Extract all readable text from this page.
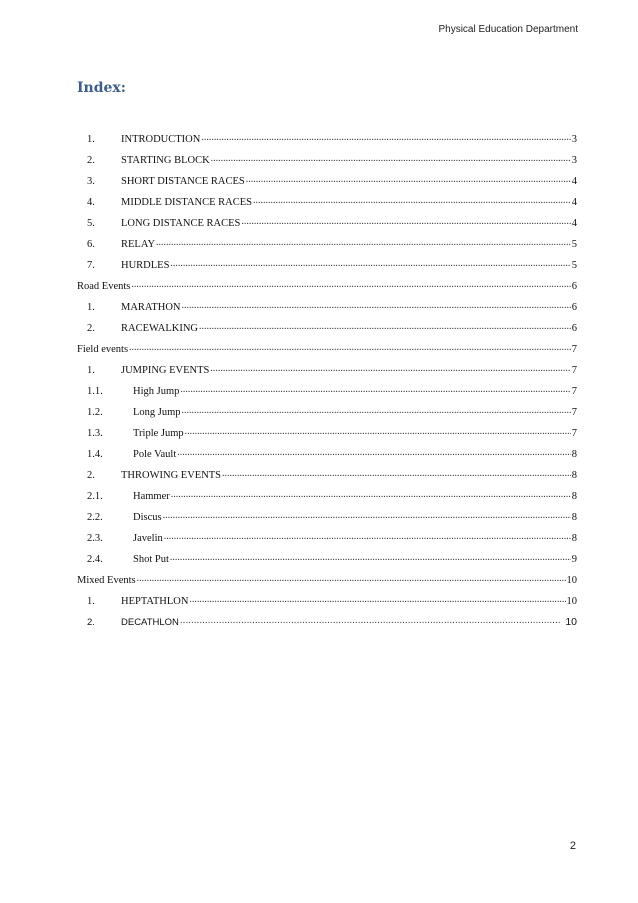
Physical Education Department
Index:
1.	INTRODUCTION .....	3
2.	STARTING BLOCK .....	3
3.	SHORT DISTANCE RACES .....	4
4.	MIDDLE DISTANCE RACES .....	4
5.	LONG DISTANCE RACES .....	4
6.	RELAY .....	5
7.	HURDLES .....	5
Road Events .....	6
1.	MARATHON .....	6
2.	RACEWALKING .....	6
Field events .....	7
1.	JUMPING EVENTS .....	7
1.1.	High Jump .....	7
1.2.	Long Jump .....	7
1.3.	Triple Jump .....	7
1.4.	Pole Vault .....	8
2.	THROWING EVENTS .....	8
2.1.	Hammer .....	8
2.2.	Discus .....	8
2.3.	Javelin .....	8
2.4.	Shot Put .....	9
Mixed Events .....	10
1.	HEPTATHLON .....	10
2.	DECATHLON .....	10
2
